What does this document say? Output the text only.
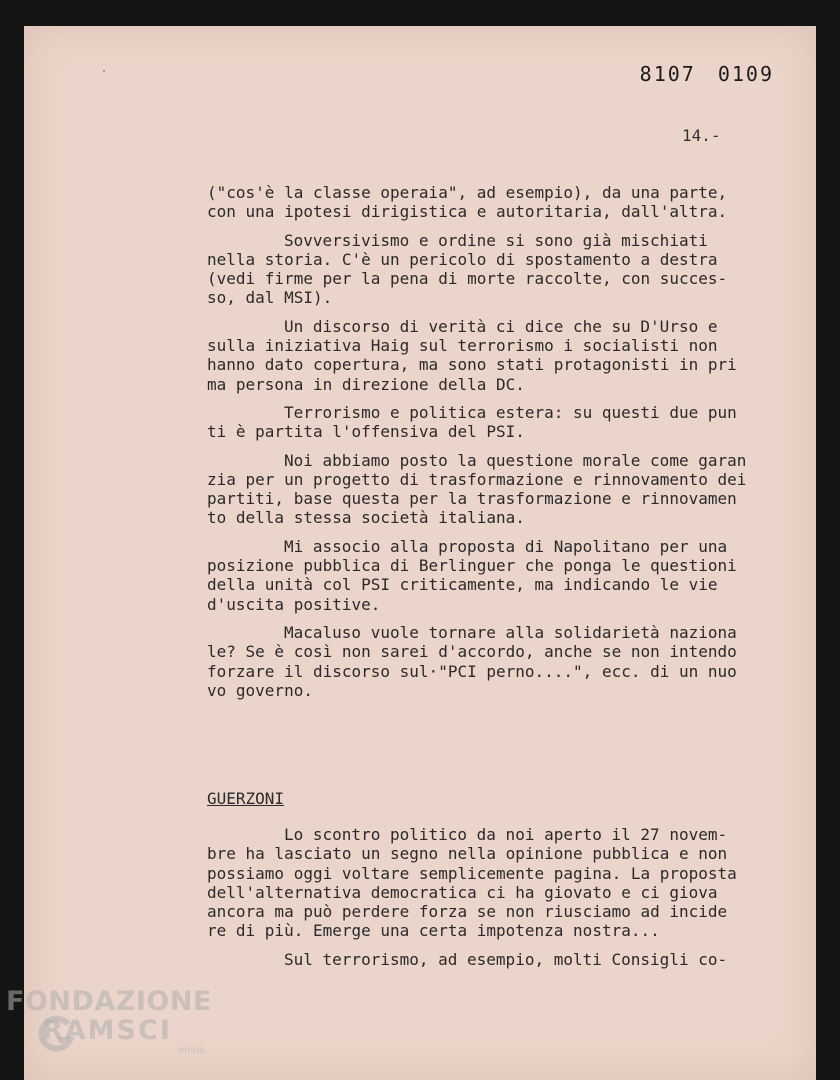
8107 0109
14.-
("cos'è la classe operaia", ad esempio), da una parte,
con una ipotesi dirigistica e autoritaria, dall'altra.
Sovversivismo e ordine si sono già mischiati
nella storia. C'è un pericolo di spostamento a destra
(vedi firme per la pena di morte raccolte, con succes-
so, dal MSI).
Un discorso di verità ci dice che su D'Urso e
sulla iniziativa Haig sul terrorismo i socialisti non
hanno dato copertura, ma sono stati protagonisti in pri
ma persona in direzione della DC.
Terrorismo e politica estera: su questi due pun
ti è partita l'offensiva del PSI.
Noi abbiamo posto la questione morale come garan
zia per un progetto di trasformazione e rinnovamento dei
partiti, base questa per la trasformazione e rinnovamen
to della stessa società italiana.
Mi associo alla proposta di Napolitano per una
posizione pubblica di Berlinguer che ponga le questioni
della unità col PSI criticamente, ma indicando le vie
d'uscita positive.
Macaluso vuole tornare alla solidarietà naziona
le? Se è così non sarei d'accordo, anche se non intendo
forzare il discorso sul·"PCI perno....", ecc. di un nuo
vo governo.
GUERZONI
Lo scontro politico da noi aperto il 27 novem-
bre ha lasciato un segno nella opinione pubblica e non
possiamo oggi voltare semplicemente pagina. La proposta
dell'alternativa democratica ci ha giovato e ci giova
ancora ma può perdere forza se non riusciamo ad incide
re di più. Emerge una certa impotenza nostra...
Sul terrorismo, ad esempio, molti Consigli co-
FONDAZIONE
RAMSCI
onlus
